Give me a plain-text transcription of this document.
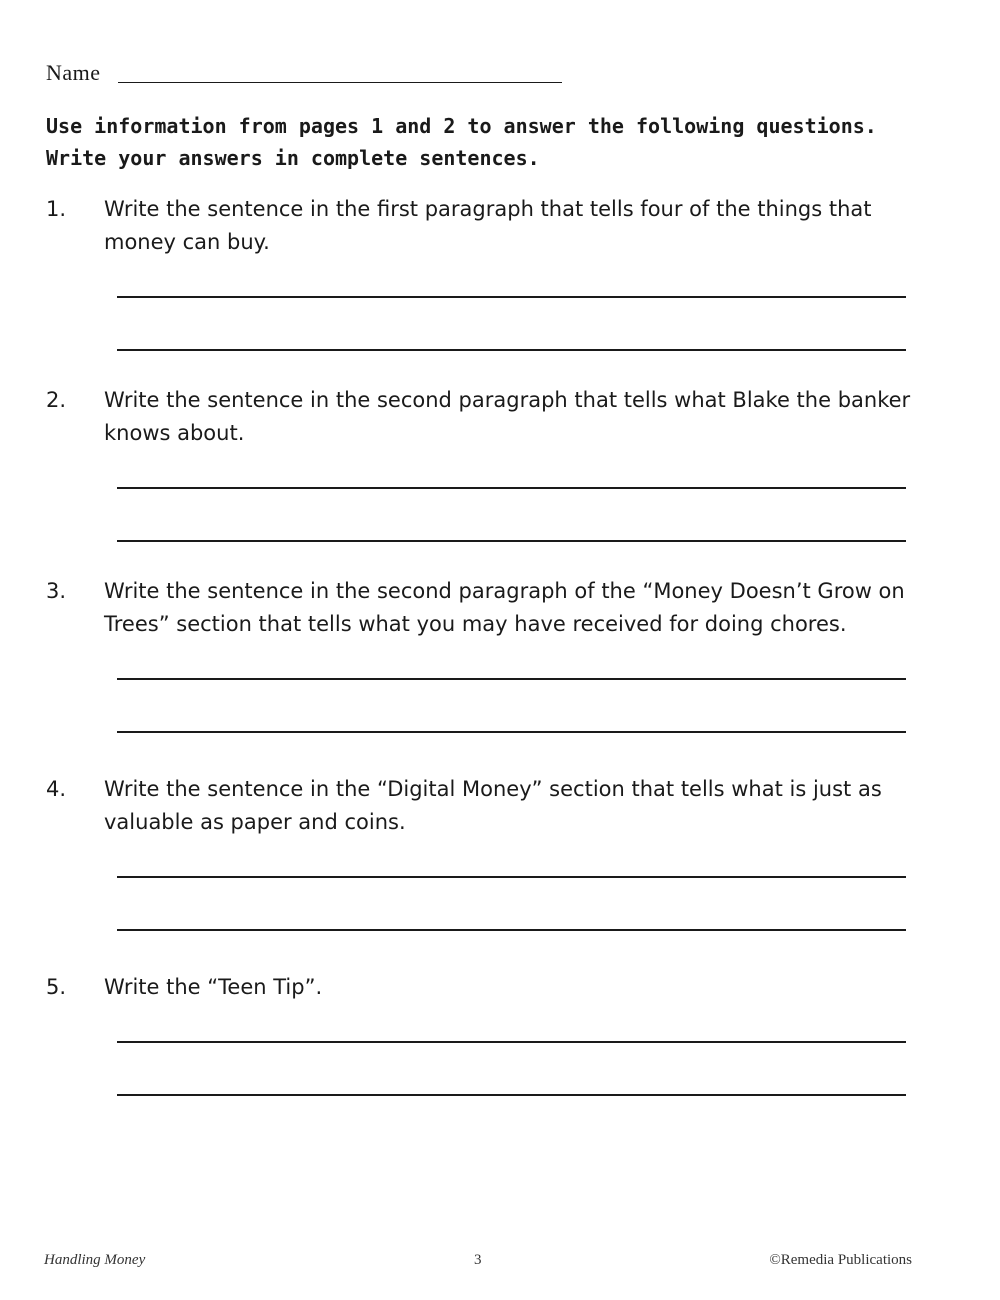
Name
Use information from pages 1 and 2 to answer the following questions.
Write your answers in complete sentences.
1. Write the sentence in the first paragraph that tells four of the things that money can buy.
2. Write the sentence in the second paragraph that tells what Blake the banker knows about.
3. Write the sentence in the second paragraph of the “Money Doesn’t Grow on Trees” section that tells what you may have received for doing chores.
4. Write the sentence in the “Digital Money” section that tells what is just as valuable as paper and coins.
5. Write the “Teen Tip”.
Handling Money	3	©Remedia Publications
